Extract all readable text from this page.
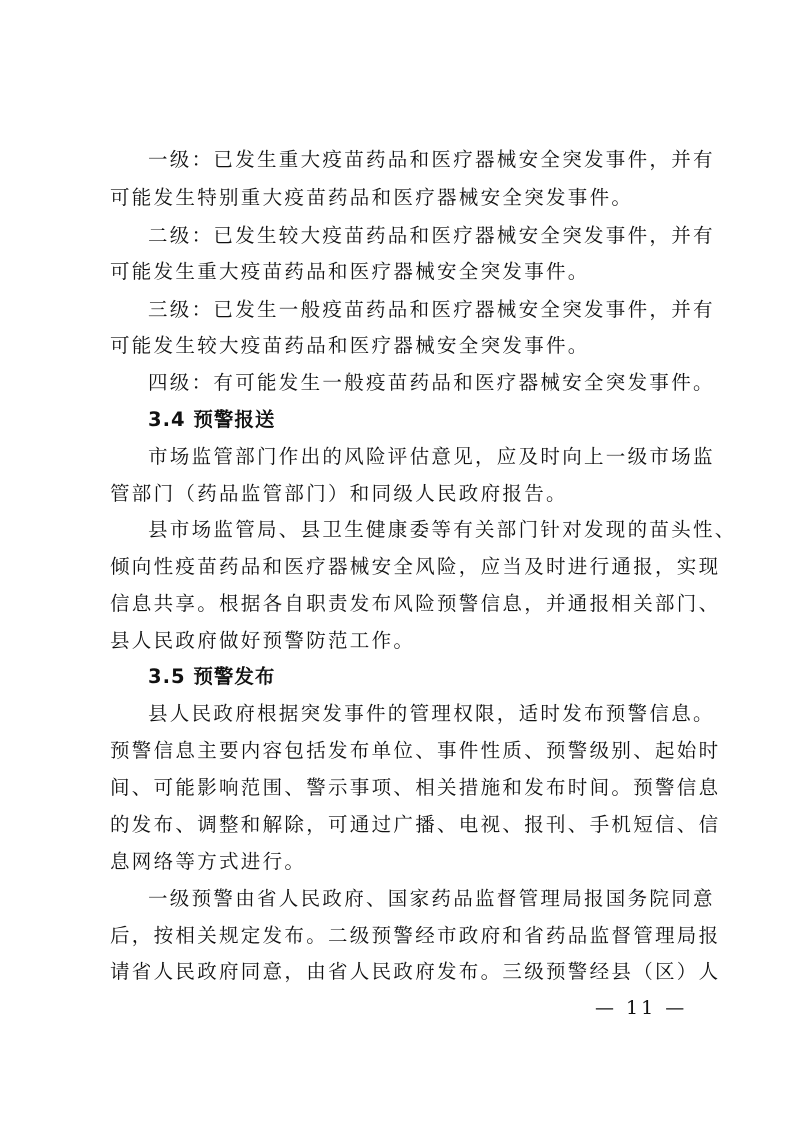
一级：已发生重大疫苗药品和医疗器械安全突发事件，并有

可能发生特别重大疫苗药品和医疗器械安全突发事件。

二级：已发生较大疫苗药品和医疗器械安全突发事件，并有

可能发生重大疫苗药品和医疗器械安全突发事件。

三级：已发生一般疫苗药品和医疗器械安全突发事件，并有

可能发生较大疫苗药品和医疗器械安全突发事件。

四级：有可能发生一般疫苗药品和医疗器械安全突发事件。

3.4 预警报送

市场监管部门作出的风险评估意见，应及时向上一级市场监

管部门（药品监管部门）和同级人民政府报告。

县市场监管局、县卫生健康委等有关部门针对发现的苗头性、

倾向性疫苗药品和医疗器械安全风险，应当及时进行通报，实现

信息共享。根据各自职责发布风险预警信息，并通报相关部门、

县人民政府做好预警防范工作。

3.5 预警发布

县人民政府根据突发事件的管理权限，适时发布预警信息。

预警信息主要内容包括发布单位、事件性质、预警级别、起始时

间、可能影响范围、警示事项、相关措施和发布时间。预警信息

的发布、调整和解除，可通过广播、电视、报刊、手机短信、信

息网络等方式进行。

一级预警由省人民政府、国家药品监督管理局报国务院同意

后，按相关规定发布。二级预警经市政府和省药品监督管理局报

请省人民政府同意，由省人民政府发布。三级预警经县（区）人

— 11 —
